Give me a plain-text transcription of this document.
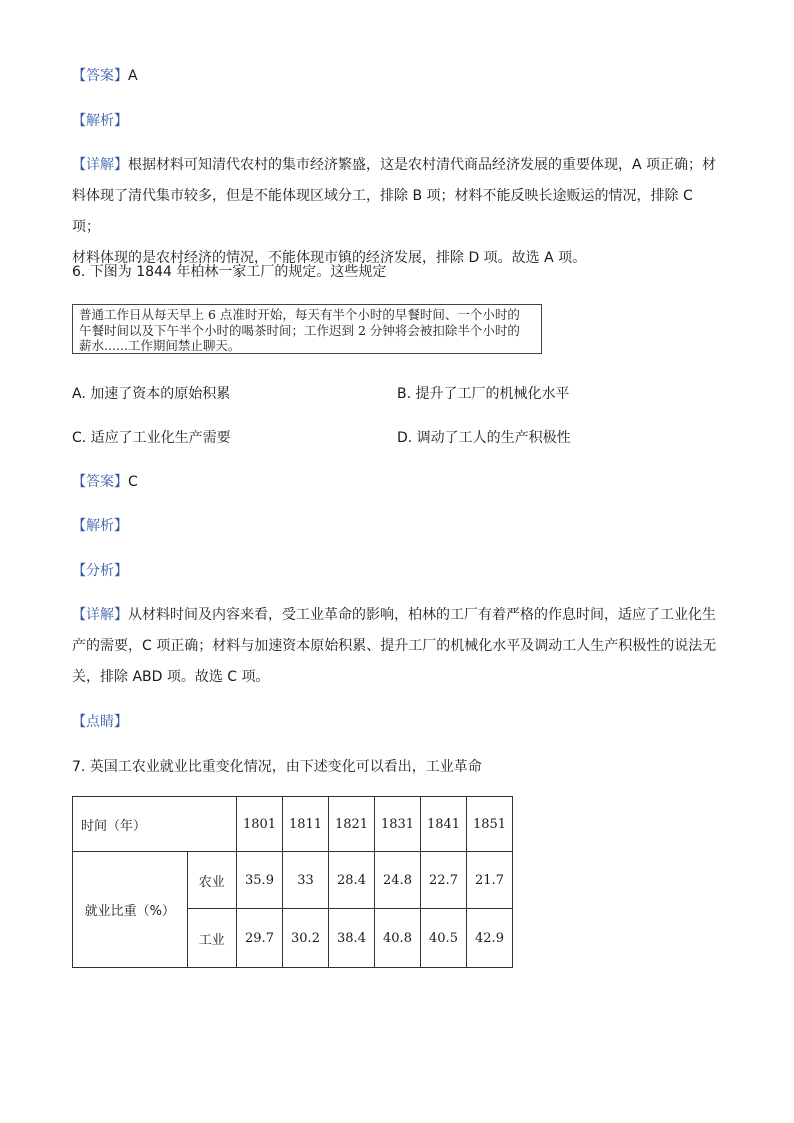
【答案】A
【解析】
【详解】根据材料可知清代农村的集市经济繁盛，这是农村清代商品经济发展的重要体现，A 项正确；材
料体现了清代集市较多，但是不能体现区域分工，排除 B 项；材料不能反映长途贩运的情况，排除 C 项；
材料体现的是农村经济的情况，不能体现市镇的经济发展，排除 D 项。故选 A 项。
6. 下图为 1844 年柏林一家工厂的规定。这些规定
普通工作日从每天早上 6 点准时开始，每天有半个小时的早餐时间、一个小时的
午餐时间以及下午半个小时的喝茶时间；工作迟到 2 分钟将会被扣除半个小时的
薪水......工作期间禁止聊天。
A. 加速了资本的原始积累	B. 提升了工厂的机械化水平
C. 适应了工业化生产需要	D. 调动了工人的生产积极性
【答案】C
【解析】
【分析】
【详解】从材料时间及内容来看，受工业革命的影响，柏林的工厂有着严格的作息时间，适应了工业化生
产的需要，C 项正确；材料与加速资本原始积累、提升工厂的机械化水平及调动工人生产积极性的说法无
关，排除 ABD 项。故选 C 项。
【点睛】
7. 英国工农业就业比重变化情况，由下述变化可以看出，工业革命
时间（年）		1801	1811	1821	1831	1841	1851
就业比重（%）	农业	35.9	33	28.4	24.8	22.7	21.7
	工业	29.7	30.2	38.4	40.8	40.5	42.9
